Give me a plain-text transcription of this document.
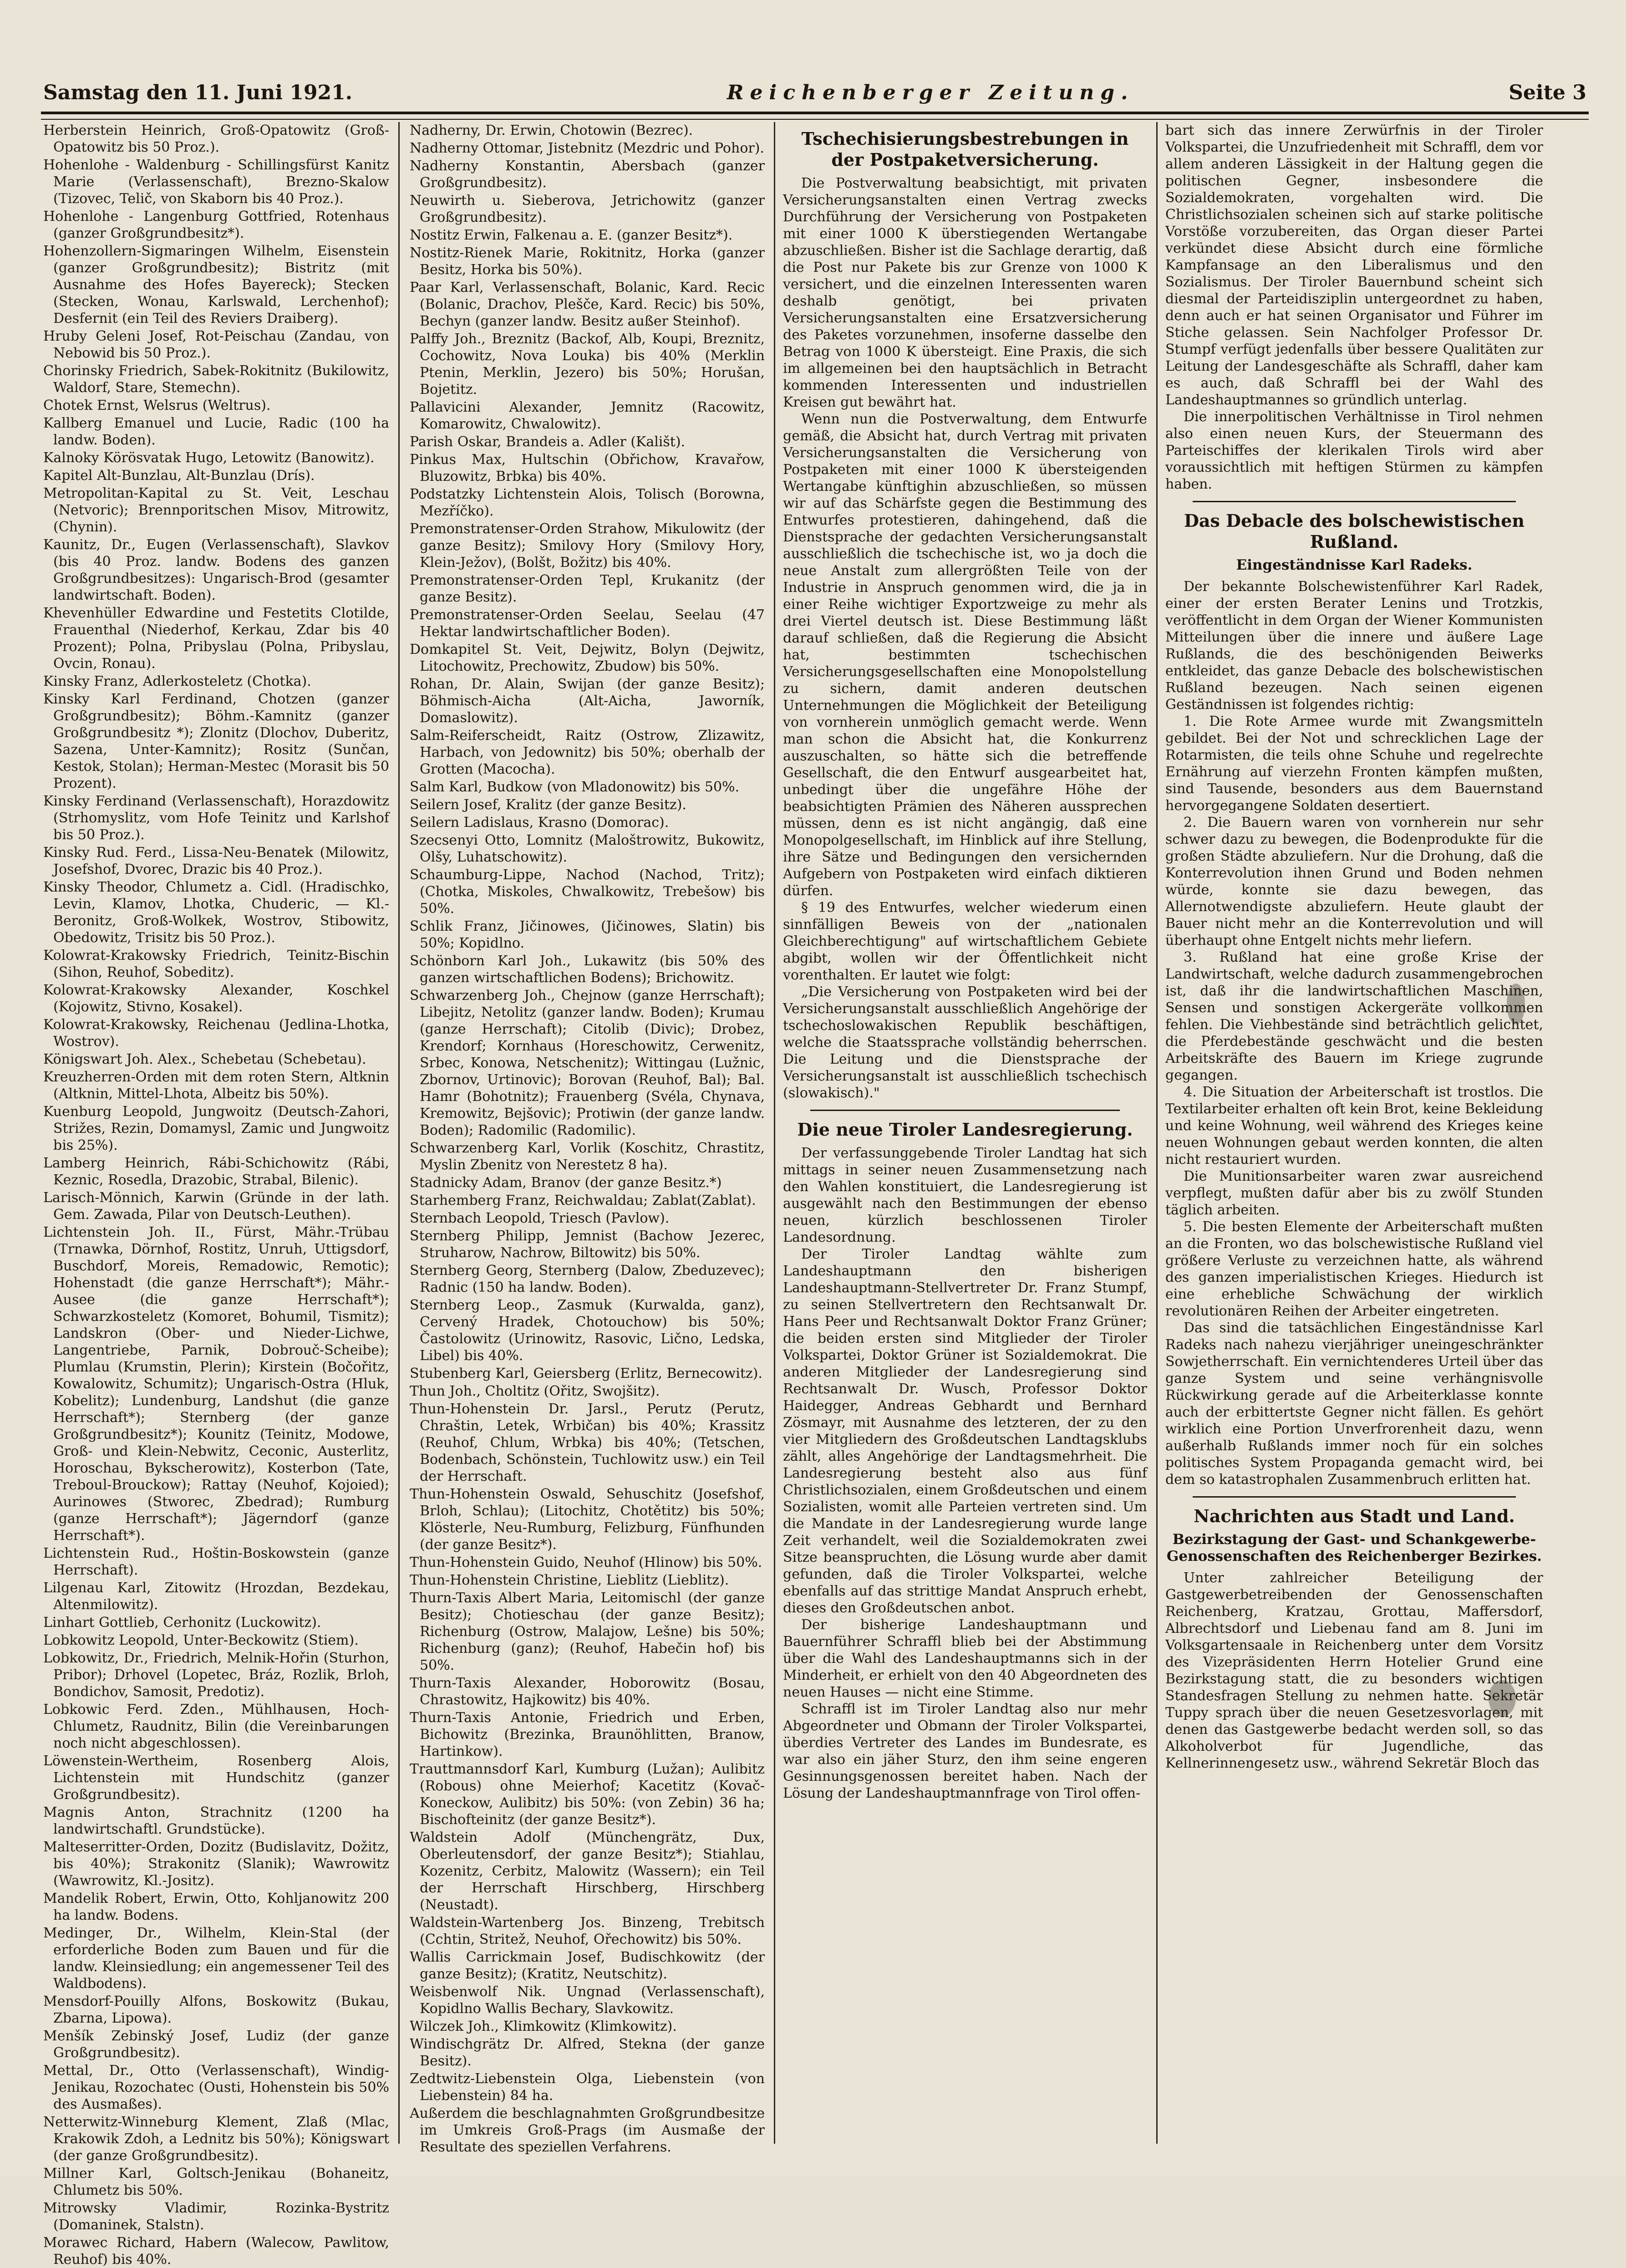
Samstag den 11. Juni 1921.	Reichenberger Zeitung.	Seite 3
Herberstein Heinrich, Groß-Opatowitz (Groß-Opatowitz bis 50 Proz.).
Hohenlohe - Waldenburg - Schillingsfürst Kanitz Marie (Verlassenschaft), Brezno-Skalow (Tizovec, Telič, von Skaborn bis 40 Proz.).
Hohenlohe - Langenburg Gottfried, Rotenhaus (ganzer Großgrundbesitz*).
Hohenzollern-Sigmaringen Wilhelm, Eisenstein (ganzer Großgrundbesitz); Bistritz (mit Ausnahme des Hofes Bayereck); Stecken (Stecken, Wonau, Karlswald, Lerchenhof); Desfernit (ein Teil des Reviers Draiberg).
Hruby Geleni Josef, Rot-Peischau (Zandau, von Nebowid bis 50 Proz.).
Chorinsky Friedrich, Sabek-Rokitnitz (Bukilowitz, Waldorf, Stare, Stemechn).
Chotek Ernst, Welsrus (Weltrus).
Kallberg Emanuel und Lucie, Radic (100 ha landw. Boden).
Kalnoky Körösvatak Hugo, Letowitz (Banowitz).
Kapitel Alt-Bunzlau, Alt-Bunzlau (Drís).
Metropolitan-Kapital zu St. Veit, Leschau (Netvoric); Brennporitschen Misov, Mitrowitz, (Chynin).
Kaunitz, Dr., Eugen (Verlassenschaft), Slavkov (bis 40 Proz. landw. Bodens des ganzen Großgrundbesitzes): Ungarisch-Brod (gesamter landwirtschaft. Boden).
Khevenhüller Edwardine und Festetits Clotilde, Frauenthal (Niederhof, Kerkau, Zdar bis 40 Prozent); Polna, Pribyslau (Polna, Pribyslau, Ovcin, Ronau).
Kinsky Franz, Adlerkosteletz (Chotka).
Kinsky Karl Ferdinand, Chotzen (ganzer Großgrundbesitz); Böhm.-Kamnitz (ganzer Großgrundbesitz *); Zlonitz (Dlochov, Duberitz, Sazena, Unter-Kamnitz); Rositz (Sunčan, Kestok, Stolan); Herman-Mestec (Morasit bis 50 Prozent).
Kinsky Ferdinand (Verlassenschaft), Horazdowitz (Strhomyslitz, vom Hofe Teinitz und Karlshof bis 50 Proz.).
Kinsky Rud. Ferd., Lissa-Neu-Benatek (Milowitz, Josefshof, Dvorec, Drazic bis 40 Proz.).
Kinsky Theodor, Chlumetz a. Cidl. (Hradischko, Levin, Klamov, Lhotka, Chuderic, — Kl.-Beronitz, Groß-Wolkek, Wostrov, Stibowitz, Obedowitz, Trisitz bis 50 Proz.).
Kolowrat-Krakowsky Friedrich, Teinitz-Bischin (Sihon, Reuhof, Sobeditz).
Kolowrat-Krakowsky Alexander, Koschkel (Kojowitz, Stivno, Kosakel).
Kolowrat-Krakowsky, Reichenau (Jedlina-Lhotka, Wostrov).
Königswart Joh. Alex., Schebetau (Schebetau).
Kreuzherren-Orden mit dem roten Stern, Altknin (Altknin, Mittel-Lhota, Albeitz bis 50%).
Kuenburg Leopold, Jungwoitz (Deutsch-Zahori, Strižes, Rezin, Domamysl, Zamic und Jungwoitz bis 25%).
Lamberg Heinrich, Rábi-Schichowitz (Rábi, Keznic, Rosedla, Drazobic, Strabal, Bilenic).
Larisch-Mönnich, Karwin (Gründe in der lath. Gem. Zawada, Pilar von Deutsch-Leuthen).
Lichtenstein Joh. II., Fürst, Mähr.-Trübau (Trnawka, Dörnhof, Rostitz, Unruh, Uttigsdorf, Buschdorf, Moreis, Remadowic, Remotic); Hohenstadt (die ganze Herrschaft*); Mähr.-Ausee (die ganze Herrschaft*); Schwarzkosteletz (Komoret, Bohumil, Tismitz); Landskron (Ober- und Nieder-Lichwe, Langentriebe, Parnik, Dobrouč-Scheibe); Plumlau (Krumstin, Plerin); Kirstein (Bočořitz, Kowalowitz, Schumitz); Ungarisch-Ostra (Hluk, Kobelitz); Lundenburg, Landshut (die ganze Herrschaft*); Sternberg (der ganze Großgrundbesitz*); Kounitz (Teinitz, Modowe, Groß- und Klein-Nebwitz, Ceconic, Austerlitz, Horoschau, Bykscherowitz), Kosterbon (Tate, Treboul-Brouckow); Rattay (Neuhof, Kojoied); Aurinowes (Stworec, Zbedrad); Rumburg (ganze Herrschaft*); Jägerndorf (ganze Herrschaft*).
Lichtenstein Rud., Hoštin-Boskowstein (ganze Herrschaft).
Lilgenau Karl, Zitowitz (Hrozdan, Bezdekau, Altenmilowitz).
Linhart Gottlieb, Cerhonitz (Luckowitz).
Lobkowitz Leopold, Unter-Beckowitz (Stiem).
Lobkowitz, Dr., Friedrich, Melnik-Hořin (Sturhon, Pribor); Drhovel (Lopetec, Bráz, Rozlik, Brloh, Bondichov, Samosit, Predotiz).
Lobkowic Ferd. Zden., Mühlhausen, Hoch-Chlumetz, Raudnitz, Bilin (die Vereinbarungen noch nicht abgeschlossen).
Löwenstein-Wertheim, Rosenberg Alois, Lichtenstein mit Hundschitz (ganzer Großgrundbesitz).
Magnis Anton, Strachnitz (1200 ha landwirtschaftl. Grundstücke).
Malteserritter-Orden, Dozitz (Budislavitz, Dožitz, bis 40%); Strakonitz (Slanik); Wawrowitz (Wawrowitz, Kl.-Jositz).
Mandelik Robert, Erwin, Otto, Kohljanowitz 200 ha landw. Bodens.
Medinger, Dr., Wilhelm, Klein-Stal (der erforderliche Boden zum Bauen und für die landw. Kleinsiedlung; ein angemessener Teil des Waldbodens).
Mensdorf-Pouilly Alfons, Boskowitz (Bukau, Zbarna, Lipowa).
Menšík Zebinský Josef, Ludiz (der ganze Großgrundbesitz).
Mettal, Dr., Otto (Verlassenschaft), Windig-Jenikau, Rozochatec (Ousti, Hohenstein bis 50% des Ausmaßes).
Netterwitz-Winneburg Klement, Zlaß (Mlac, Krakowik Zdoh, a Lednitz bis 50%); Königswart (der ganze Großgrundbesitz).
Millner Karl, Goltsch-Jenikau (Bohaneitz, Chlumetz bis 50%.
Mitrowsky Vladimir, Rozinka-Bystritz (Domaninek, Stalstn).
Morawec Richard, Habern (Walecow, Pawlitow, Reuhof) bis 40%.
Nadherny, Dr. Erwin, Chotowin (Bezrec).
Nadherny Ottomar, Jistebnitz (Mezdric und Pohor).
Nadherny Konstantin, Abersbach (ganzer Großgrundbesitz).
Neuwirth u. Sieberova, Jetrichowitz (ganzer Großgrundbesitz).
Nostitz Erwin, Falkenau a. E. (ganzer Besitz*).
Nostitz-Rienek Marie, Rokitnitz, Horka (ganzer Besitz, Horka bis 50%).
Paar Karl, Verlassenschaft, Bolanic, Kard. Recic (Bolanic, Drachov, Plešče, Kard. Recic) bis 50%, Bechyn (ganzer landw. Besitz außer Steinhof).
Palffy Joh., Breznitz (Backof, Alb, Koupi, Breznitz, Cochowitz, Nova Louka) bis 40% (Merklin Ptenin, Merklin, Jezero) bis 50%; Horušan, Bojetitz.
Pallavicini Alexander, Jemnitz (Racowitz, Komarowitz, Chwalowitz).
Parish Oskar, Brandeis a. Adler (Kališt).
Pinkus Max, Hultschin (Obřichow, Kravařow, Bluzowitz, Brbka) bis 40%.
Podstatzky Lichtenstein Alois, Tolisch (Borowna, Mezříčko).
Premonstratenser-Orden Strahow, Mikulowitz (der ganze Besitz); Smilovy Hory (Smilovy Hory, Klein-Ježov), (Bolšt, Božitz) bis 40%.
Premonstratenser-Orden Tepl, Krukanitz (der ganze Besitz).
Premonstratenser-Orden Seelau, Seelau (47 Hektar landwirtschaftlicher Boden).
Domkapitel St. Veit, Dejwitz, Bolyn (Dejwitz, Litochowitz, Prechowitz, Zbudow) bis 50%.
Rohan, Dr. Alain, Swijan (der ganze Besitz); Böhmisch-Aicha (Alt-Aicha, Jaworník, Domaslowitz).
Salm-Reiferscheidt, Raitz (Ostrow, Zlizawitz, Harbach, von Jedownitz) bis 50%; oberhalb der Grotten (Macocha).
Salm Karl, Budkow (von Mladonowitz) bis 50%.
Seilern Josef, Kralitz (der ganze Besitz).
Seilern Ladislaus, Krasno (Domorac).
Szecsenyi Otto, Lomnitz (Maloštrowitz, Bukowitz, Olšy, Luhatschowitz).
Schaumburg-Lippe, Nachod (Nachod, Tritz); (Chotka, Miskoles, Chwalkowitz, Trebešow) bis 50%.
Schlik Franz, Jičinowes, (Jičinowes, Slatin) bis 50%; Kopidlno.
Schönborn Karl Joh., Lukawitz (bis 50% des ganzen wirtschaftlichen Bodens); Brichowitz.
Schwarzenberg Joh., Chejnow (ganze Herrschaft); Libejitz, Netolitz (ganzer landw. Boden); Krumau (ganze Herrschaft); Citolib (Divic); Drobez, Krendorf; Kornhaus (Horeschowitz, Cerwenitz, Srbec, Konowa, Netschenitz); Wittingau (Lužnic, Zbornov, Urtinovic); Borovan (Reuhof, Bal); Bal. Hamr (Bohotnitz); Frauenberg (Svéla, Chynava, Kremowitz, Bejšovic); Protiwin (der ganze landw. Boden); Radomilic (Radomilic).
Schwarzenberg Karl, Vorlik (Koschitz, Chrastitz, Myslin Zbenitz von Nerestetz 8 ha).
Stadnicky Adam, Branov (der ganze Besitz.*)
Starhemberg Franz, Reichwaldau; Zablat(Zablat).
Sternbach Leopold, Triesch (Pavlow).
Sternberg Philipp, Jemnist (Bachow Jezerec, Struharow, Nachrow, Biltowitz) bis 50%.
Sternberg Georg, Sternberg (Dalow, Zbeduzevec); Radnic (150 ha landw. Boden).
Sternberg Leop., Zasmuk (Kurwalda, ganz), Cervený Hradek, Chotouchow) bis 50%; Častolowitz (Urinowitz, Rasovic, Lično, Ledska, Libel) bis 40%.
Stubenberg Karl, Geiersberg (Erlitz, Bernecowitz).
Thun Joh., Choltitz (Ořitz, Swojšitz).
Thun-Hohenstein Dr. Jarsl., Perutz (Perutz, Chraštin, Letek, Wrbičan) bis 40%; Krassitz (Reuhof, Chlum, Wrbka) bis 40%; (Tetschen, Bodenbach, Schönstein, Tuchlowitz usw.) ein Teil der Herrschaft.
Thun-Hohenstein Oswald, Sehuschitz (Josefshof, Brloh, Schlau); (Litochitz, Chotětitz) bis 50%; Klösterle, Neu-Rumburg, Felizburg, Fünfhunden (der ganze Besitz*).
Thun-Hohenstein Guido, Neuhof (Hlinow) bis 50%.
Thun-Hohenstein Christine, Lieblitz (Lieblitz).
Thurn-Taxis Albert Maria, Leitomischl (der ganze Besitz); Chotieschau (der ganze Besitz); Richenburg (Ostrow, Malajow, Lešne) bis 50%; Richenburg (ganz); (Reuhof, Habečin hof) bis 50%.
Thurn-Taxis Alexander, Hoborowitz (Bosau, Chrastowitz, Hajkowitz) bis 40%.
Thurn-Taxis Antonie, Friedrich und Erben, Bichowitz (Brezinka, Braunöhlitten, Branow, Hartinkow).
Trauttmannsdorf Karl, Kumburg (Lužan); Aulibitz (Robous) ohne Meierhof; Kacetitz (Kovač-Koneckow, Aulibitz) bis 50%: (von Zebin) 36 ha; Bischofteinitz (der ganze Besitz*).
Waldstein Adolf (Münchengrätz, Dux, Oberleutensdorf, der ganze Besitz*); Stiahlau, Kozenitz, Cerbitz, Malowitz (Wassern); ein Teil der Herrschaft Hirschberg, Hirschberg (Neustadt).
Waldstein-Wartenberg Jos. Binzeng, Trebitsch (Cchtin, Stritež, Neuhof, Ořechowitz) bis 50%.
Wallis Carrickmain Josef, Budischkowitz (der ganze Besitz); (Kratitz, Neutschitz).
Weisbenwolf Nik. Ungnad (Verlassenschaft), Kopidlno Wallis Bechary, Slavkowitz.
Wilczek Joh., Klimkowitz (Klimkowitz).
Windischgrätz Dr. Alfred, Stekna (der ganze Besitz).
Zedtwitz-Liebenstein Olga, Liebenstein (von Liebenstein) 84 ha.
Außerdem die beschlagnahmten Großgrundbesitze im Umkreis Groß-Prags (im Ausmaße der Resultate des speziellen Verfahrens.
Tschechisierungsbestrebungen in der Postpaketversicherung.

Die Postverwaltung beabsichtigt, mit privaten Versicherungsanstalten einen Vertrag zwecks Durchführung der Versicherung von Postpaketen mit einer 1000 K überstiegenden Wertangabe abzuschließen. Bisher ist die Sachlage derartig, daß die Post nur Pakete bis zur Grenze von 1000 K versichert, und die einzelnen Interessenten waren deshalb genötigt, bei privaten Versicherungsanstalten eine Ersatzversicherung des Paketes vorzunehmen, insoferne dasselbe den Betrag von 1000 K übersteigt. Eine Praxis, die sich im allgemeinen bei den hauptsächlich in Betracht kommenden Interessenten und industriellen Kreisen gut bewährt hat.

Wenn nun die Postverwaltung, dem Entwurfe gemäß, die Absicht hat, durch Vertrag mit privaten Versicherungsanstalten die Versicherung von Postpaketen mit einer 1000 K übersteigenden Wertangabe künftighin abzuschließen, so müssen wir auf das Schärfste gegen die Bestimmung des Entwurfes protestieren, dahingehend, daß die Dienstsprache der gedachten Versicherungsanstalt ausschließlich die tschechische ist, wo ja doch die neue Anstalt zum allergrößten Teile von der Industrie in Anspruch genommen wird, die ja in einer Reihe wichtiger Exportzweige zu mehr als drei Viertel deutsch ist. Diese Bestimmung läßt darauf schließen, daß die Regierung die Absicht hat, bestimmten tschechischen Versicherungsgesellschaften eine Monopolstellung zu sichern, damit anderen deutschen Unternehmungen die Möglichkeit der Beteiligung von vornherein unmöglich gemacht werde. Wenn man schon die Absicht hat, die Konkurrenz auszuschalten, so hätte sich die betreffende Gesellschaft, die den Entwurf ausgearbeitet hat, unbedingt über die ungefähre Höhe der beabsichtigten Prämien des Näheren aussprechen müssen, denn es ist nicht angängig, daß eine Monopolgesellschaft, im Hinblick auf ihre Stellung, ihre Sätze und Bedingungen den versichernden Aufgebern von Postpaketen wird einfach diktieren dürfen.

§ 19 des Entwurfes, welcher wiederum einen sinnfälligen Beweis von der „nationalen Gleichberechtigung" auf wirtschaftlichem Gebiete abgibt, wollen wir der Öffentlichkeit nicht vorenthalten. Er lautet wie folgt:

„Die Versicherung von Postpaketen wird bei der Versicherungsanstalt ausschließlich Angehörige der tschechoslowakischen Republik beschäftigen, welche die Staatssprache vollständig beherrschen. Die Leitung und die Dienstsprache der Versicherungsanstalt ist ausschließlich tschechisch (slowakisch)."

Die neue Tiroler Landesregierung.

Der verfassunggebende Tiroler Landtag hat sich mittags in seiner neuen Zusammensetzung nach den Wahlen konstituiert, die Landesregierung ist ausgewählt nach den Bestimmungen der ebenso neuen, kürzlich beschlossenen Tiroler Landesordnung.

Der Tiroler Landtag wählte zum Landeshauptmann den bisherigen Landeshauptmann-Stellvertreter Dr. Franz Stumpf, zu seinen Stellvertretern den Rechtsanwalt Dr. Hans Peer und Rechtsanwalt Doktor Franz Grüner; die beiden ersten sind Mitglieder der Tiroler Volkspartei, Doktor Grüner ist Sozialdemokrat. Die anderen Mitglieder der Landesregierung sind Rechtsanwalt Dr. Wusch, Professor Doktor Haidegger, Andreas Gebhardt und Bernhard Zösmayr, mit Ausnahme des letzteren, der zu den vier Mitgliedern des Großdeutschen Landtagsklubs zählt, alles Angehörige der Landtagsmehrheit. Die Landesregierung besteht also aus fünf Christlichsozialen, einem Großdeutschen und einem Sozialisten, womit alle Parteien vertreten sind. Um die Mandate in der Landesregierung wurde lange Zeit verhandelt, weil die Sozialdemokraten zwei Sitze beanspruchten, die Lösung wurde aber damit gefunden, daß die Tiroler Volkspartei, welche ebenfalls auf das strittige Mandat Anspruch erhebt, dieses den Großdeutschen anbot.

Der bisherige Landeshauptmann und Bauernführer Schraffl blieb bei der Abstimmung über die Wahl des Landeshauptmanns sich in der Minderheit, er erhielt von den 40 Abgeordneten des neuen Hauses — nicht eine Stimme.

Schraffl ist im Tiroler Landtag also nur mehr Abgeordneter und Obmann der Tiroler Volkspartei, überdies Vertreter des Landes im Bundesrate, es war also ein jäher Sturz, den ihm seine engeren Gesinnungsgenossen bereitet haben. Nach der Lösung der Landeshauptmannfrage von Tirol offen-

bart sich das innere Zerwürfnis in der Tiroler Volkspartei, die Unzufriedenheit mit Schraffl, dem vor allem anderen Lässigkeit in der Haltung gegen die politischen Gegner, insbesondere die Sozialdemokraten, vorgehalten wird. Die Christlichsozialen scheinen sich auf starke politische Vorstöße vorzubereiten, das Organ dieser Partei verkündet diese Absicht durch eine förmliche Kampfansage an den Liberalismus und den Sozialismus. Der Tiroler Bauernbund scheint sich diesmal der Parteidisziplin untergeordnet zu haben, denn auch er hat seinen Organisator und Führer im Stiche gelassen. Sein Nachfolger Professor Dr. Stumpf verfügt jedenfalls über bessere Qualitäten zur Leitung der Landesgeschäfte als Schraffl, daher kam es auch, daß Schraffl bei der Wahl des Landeshauptmannes so gründlich unterlag.

Die innerpolitischen Verhältnisse in Tirol nehmen also einen neuen Kurs, der Steuermann des Parteischiffes der klerikalen Tirols wird aber voraussichtlich mit heftigen Stürmen zu kämpfen haben.

Das Debacle des bolschewistischen Rußland.
Eingeständnisse Karl Radeks.

Der bekannte Bolschewistenführer Karl Radek, einer der ersten Berater Lenins und Trotzkis, veröffentlicht in dem Organ der Wiener Kommunisten Mitteilungen über die innere und äußere Lage Rußlands, die des beschönigenden Beiwerks entkleidet, das ganze Debacle des bolschewistischen Rußland bezeugen. Nach seinen eigenen Geständnissen ist folgendes richtig:

1. Die Rote Armee wurde mit Zwangsmitteln gebildet. Bei der Not und schrecklichen Lage der Rotarmisten, die teils ohne Schuhe und regelrechte Ernährung auf vierzehn Fronten kämpfen mußten, sind Tausende, besonders aus dem Bauernstand hervorgegangene Soldaten desertiert.

2. Die Bauern waren von vornherein nur sehr schwer dazu zu bewegen, die Bodenprodukte für die großen Städte abzuliefern. Nur die Drohung, daß die Konterrevolution ihnen Grund und Boden nehmen würde, konnte sie dazu bewegen, das Allernotwendigste abzuliefern. Heute glaubt der Bauer nicht mehr an die Konterrevolution und will überhaupt ohne Entgelt nichts mehr liefern.

3. Rußland hat eine große Krise der Landwirtschaft, welche dadurch zusammengebrochen ist, daß ihr die landwirtschaftlichen Maschinen, Sensen und sonstigen Ackergeräte vollkommen fehlen. Die Viehbestände sind beträchtlich gelichtet, die Pferdebestände geschwächt und die besten Arbeitskräfte des Bauern im Kriege zugrunde gegangen.

4. Die Situation der Arbeiterschaft ist trostlos. Die Textilarbeiter erhalten oft kein Brot, keine Bekleidung und keine Wohnung, weil während des Krieges keine neuen Wohnungen gebaut werden konnten, die alten nicht restauriert wurden.

Die Munitionsarbeiter waren zwar ausreichend verpflegt, mußten dafür aber bis zu zwölf Stunden täglich arbeiten.

5. Die besten Elemente der Arbeiterschaft mußten an die Fronten, wo das bolschewistische Rußland viel größere Verluste zu verzeichnen hatte, als während des ganzen imperialistischen Krieges. Hiedurch ist eine erhebliche Schwächung der wirklich revolutionären Reihen der Arbeiter eingetreten.

Das sind die tatsächlichen Eingeständnisse Karl Radeks nach nahezu vierjähriger uneingeschränkter Sowjetherrschaft. Ein vernichtenderes Urteil über das ganze System und seine verhängnisvolle Rückwirkung gerade auf die Arbeiterklasse konnte auch der erbittertste Gegner nicht fällen. Es gehört wirklich eine Portion Unverfrorenheit dazu, wenn außerhalb Rußlands immer noch für ein solches politisches System Propaganda gemacht wird, bei dem so katastrophalen Zusammenbruch erlitten hat.

Nachrichten aus Stadt und Land.
Bezirkstagung der Gast- und Schankgewerbe-Genossenschaften des Reichenberger Bezirkes.

Unter zahlreicher Beteiligung der Gastgewerbetreibenden der Genossenschaften Reichenberg, Kratzau, Grottau, Maffersdorf, Albrechtsdorf und Liebenau fand am 8. Juni im Volksgartensaale in Reichenberg unter dem Vorsitz des Vizepräsidenten Herrn Hotelier Grund eine Bezirkstagung statt, die zu besonders wichtigen Standesfragen Stellung zu nehmen hatte. Sekretär Tuppy sprach über die neuen Gesetzesvorlagen, mit denen das Gastgewerbe bedacht werden soll, so das Alkoholverbot für Jugendliche, das Kellnerinnengesetz usw., während Sekretär Bloch das
